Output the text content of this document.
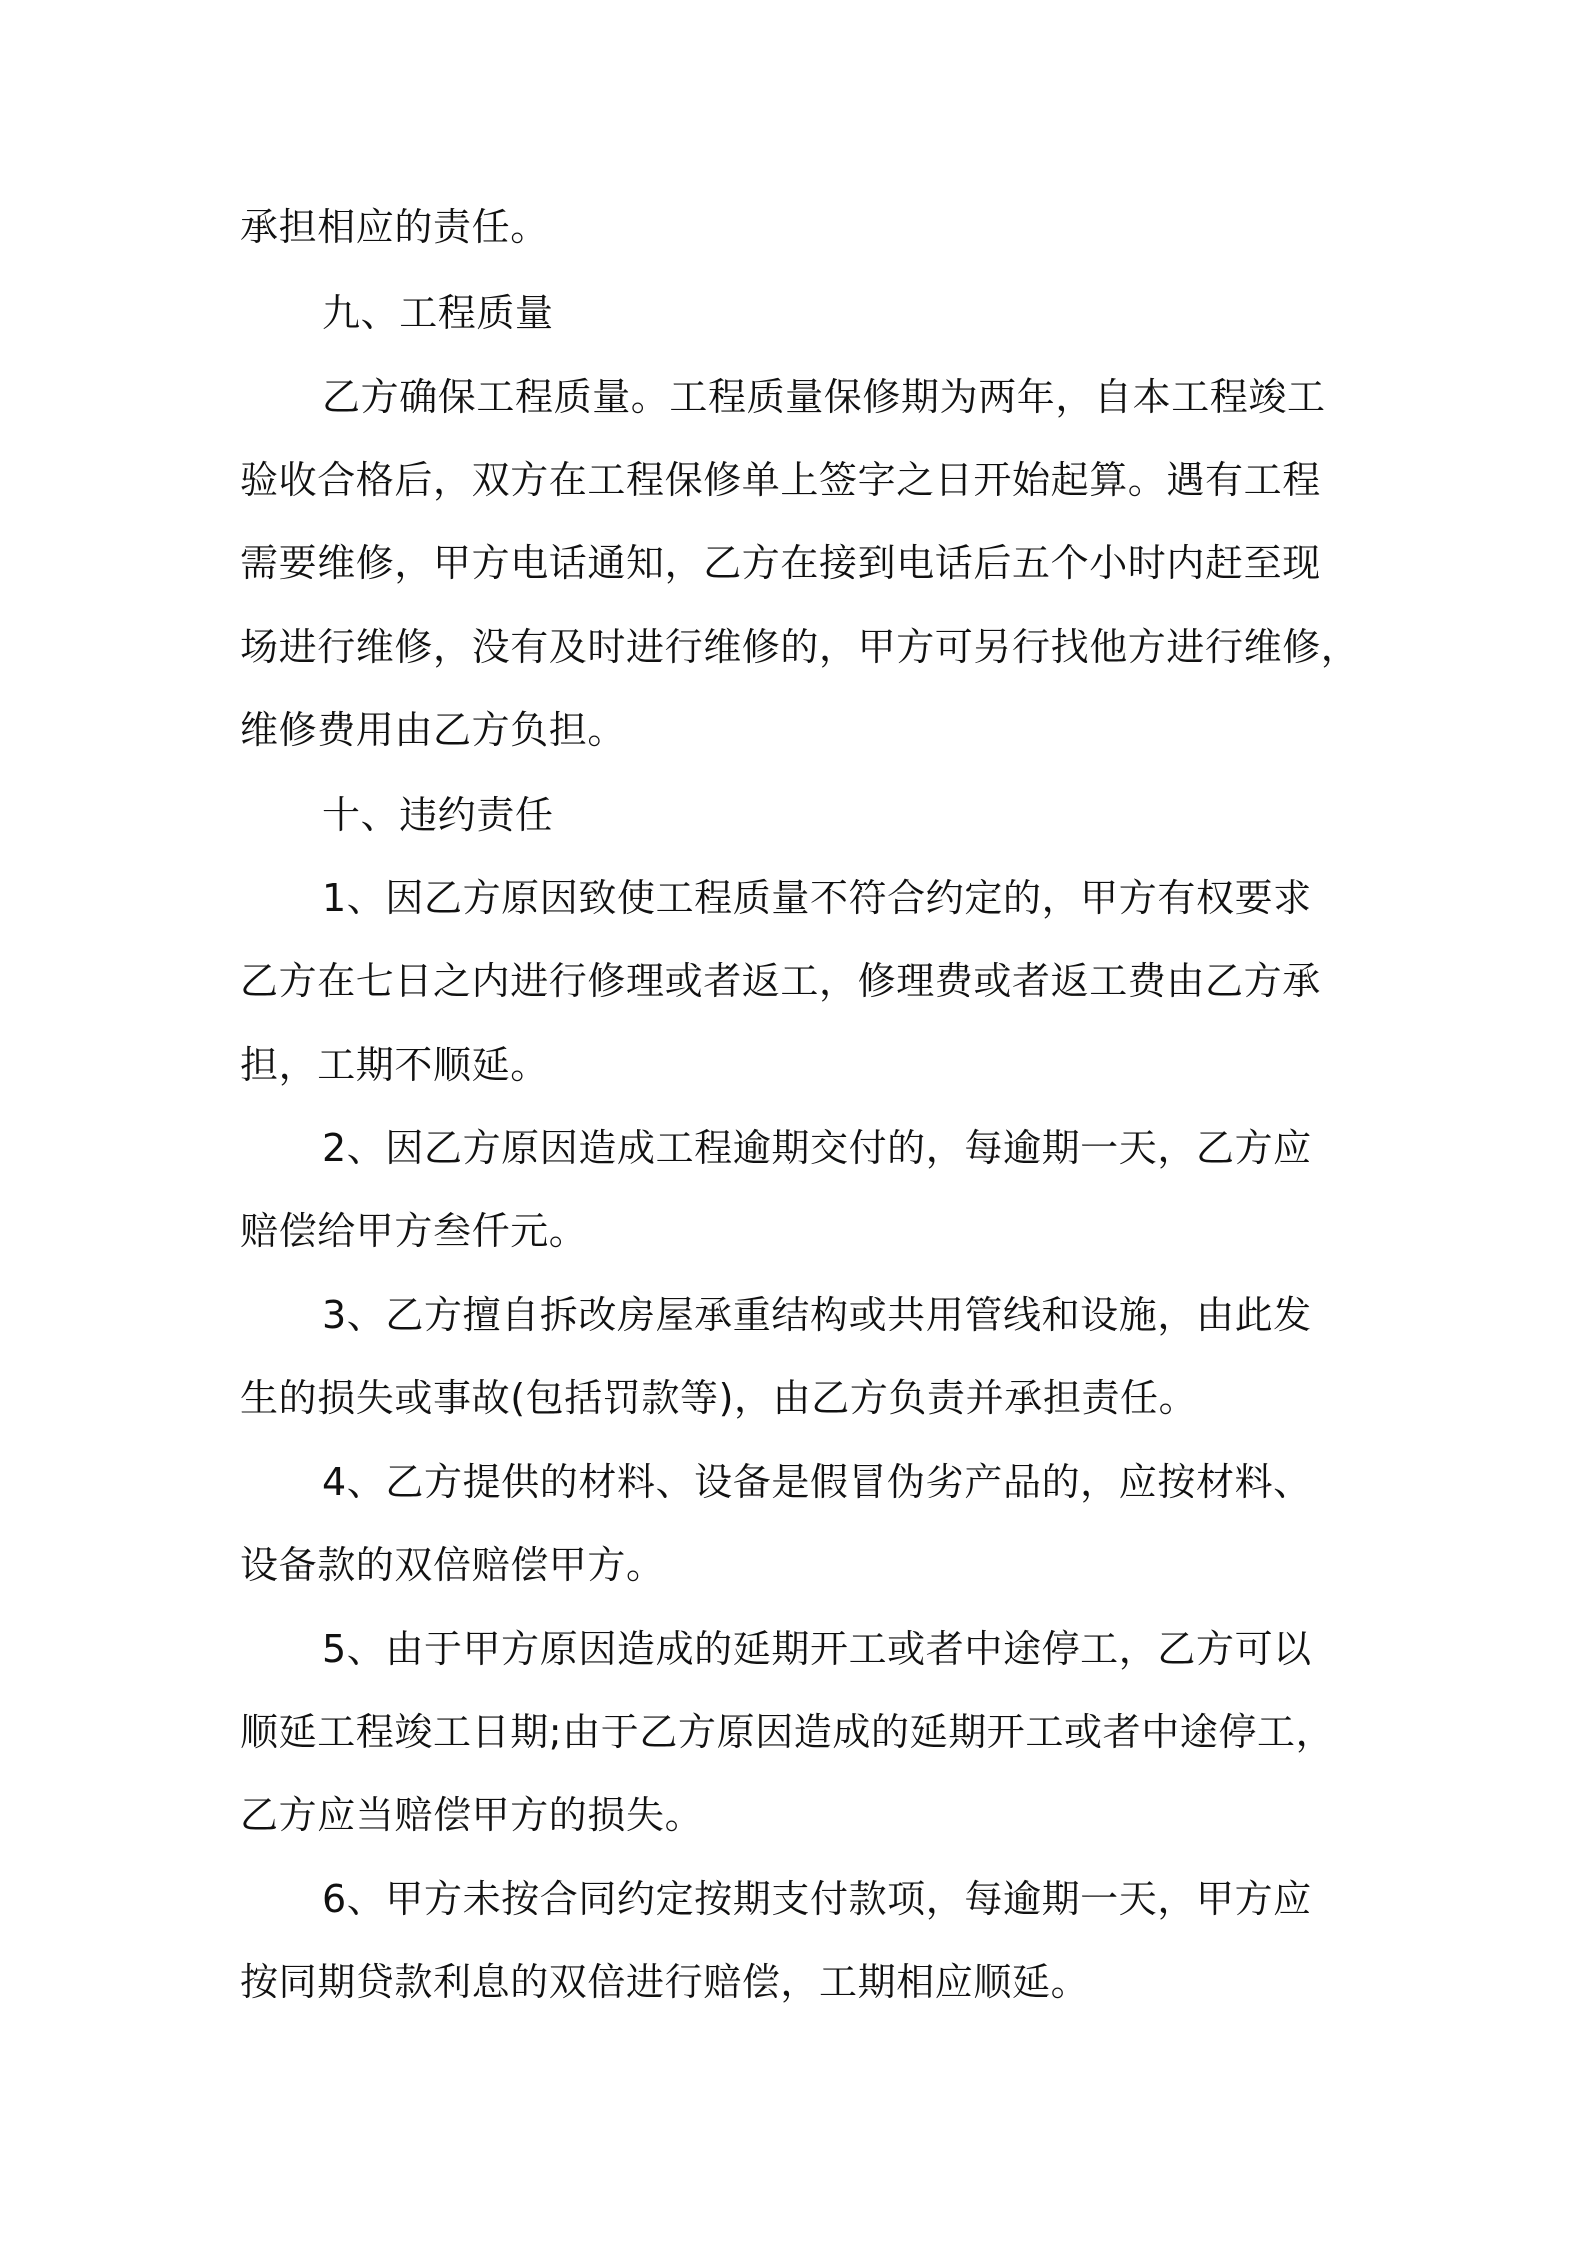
承担相应的责任。
九、工程质量
乙方确保工程质量。工程质量保修期为两年，自本工程竣工
验收合格后，双方在工程保修单上签字之日开始起算。遇有工程
需要维修，甲方电话通知，乙方在接到电话后五个小时内赶至现
场进行维修，没有及时进行维修的，甲方可另行找他方进行维修，
维修费用由乙方负担。
十、违约责任
1、因乙方原因致使工程质量不符合约定的，甲方有权要求
乙方在七日之内进行修理或者返工，修理费或者返工费由乙方承
担，工期不顺延。
2、因乙方原因造成工程逾期交付的，每逾期一天，乙方应
赔偿给甲方叁仟元。
3、乙方擅自拆改房屋承重结构或共用管线和设施，由此发
生的损失或事故(包括罚款等)，由乙方负责并承担责任。
4、乙方提供的材料、设备是假冒伪劣产品的，应按材料、
设备款的双倍赔偿甲方。
5、由于甲方原因造成的延期开工或者中途停工，乙方可以
顺延工程竣工日期;由于乙方原因造成的延期开工或者中途停工，
乙方应当赔偿甲方的损失。
6、甲方未按合同约定按期支付款项，每逾期一天，甲方应
按同期贷款利息的双倍进行赔偿，工期相应顺延。
